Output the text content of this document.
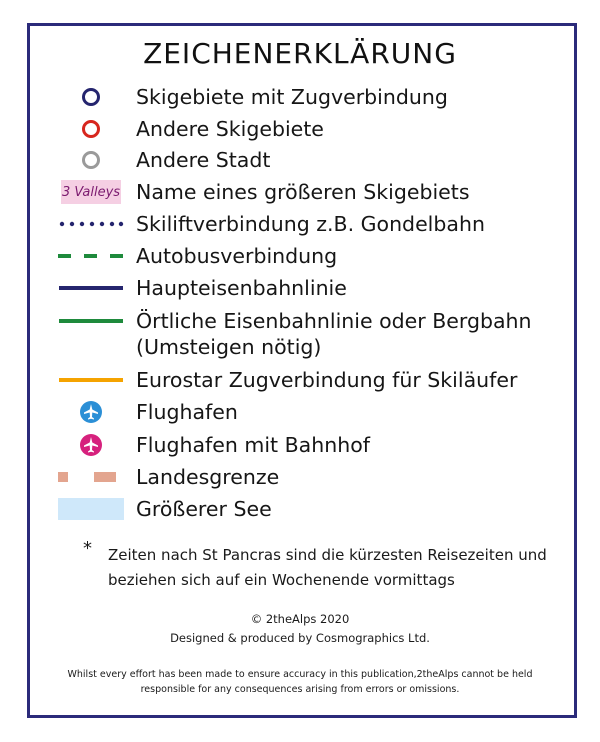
ZEICHENERKLÄRUNG
Skigebiete mit Zugverbindung
Andere Skigebiete
Andere Stadt
3 Valleys Name eines größeren Skigebiets
Skiliftverbindung z.B. Gondelbahn
Autobusverbindung
Haupteisenbahnlinie
Örtliche Eisenbahnlinie oder Bergbahn
(Umsteigen nötig)
Eurostar Zugverbindung für Skiläufer
Flughafen
Flughafen mit Bahnhof
Landesgrenze
Größerer See
* Zeiten nach St Pancras sind die kürzesten Reisezeiten und
beziehen sich auf ein Wochenende vormittags
© 2theAlps 2020
Designed & produced by Cosmographics Ltd.
Whilst every effort has been made to ensure accuracy in this publication,2theAlps cannot be held
responsible for any consequences arising from errors or omissions.
